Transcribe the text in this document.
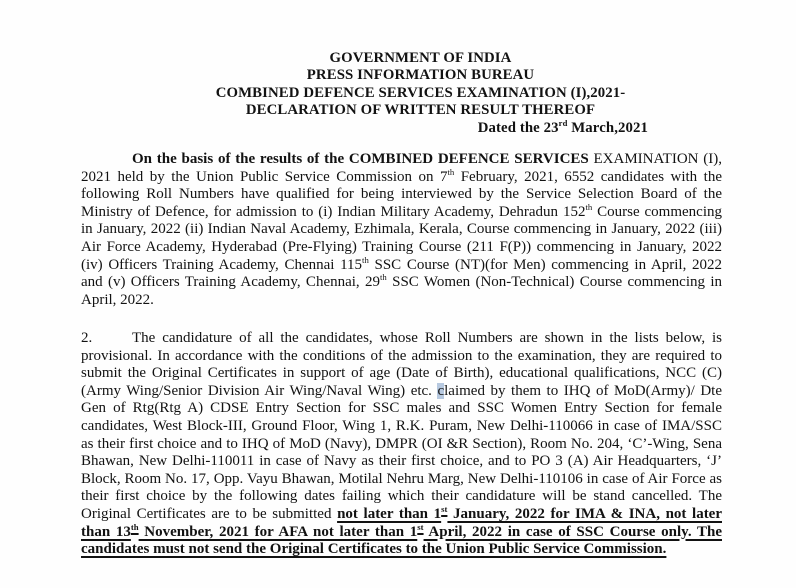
GOVERNMENT OF INDIA
PRESS INFORMATION BUREAU
COMBINED DEFENCE SERVICES EXAMINATION (I),2021-
DECLARATION OF WRITTEN RESULT THEREOF
Dated the 23rd March,2021
On the basis of the results of the COMBINED DEFENCE SERVICES EXAMINATION (I), 2021 held by the Union Public Service Commission on 7th February, 2021, 6552 candidates with the following Roll Numbers have qualified for being interviewed by the Service Selection Board of the Ministry of Defence, for admission to (i) Indian Military Academy, Dehradun 152th Course commencing in January, 2022 (ii) Indian Naval Academy, Ezhimala, Kerala, Course commencing in January, 2022 (iii) Air Force Academy, Hyderabad (Pre-Flying) Training Course (211 F(P)) commencing in January, 2022 (iv) Officers Training Academy, Chennai 115th SSC Course (NT)(for Men) commencing in April, 2022 and (v) Officers Training Academy, Chennai, 29th SSC Women (Non-Technical) Course commencing in April, 2022.
2.	The candidature of all the candidates, whose Roll Numbers are shown in the lists below, is provisional. In accordance with the conditions of the admission to the examination, they are required to submit the Original Certificates in support of age (Date of Birth), educational qualifications, NCC (C) (Army Wing/Senior Division Air Wing/Naval Wing) etc. claimed by them to IHQ of MoD(Army)/ Dte Gen of Rtg(Rtg A) CDSE Entry Section for SSC males and SSC Women Entry Section for female candidates, West Block-III, Ground Floor, Wing 1, R.K. Puram, New Delhi-110066 in case of IMA/SSC as their first choice and to IHQ of MoD (Navy), DMPR (OI &R Section), Room No. 204, ‘C’-Wing, Sena Bhawan, New Delhi-110011 in case of Navy as their first choice, and to PO 3 (A) Air Headquarters, ‘J’ Block, Room No. 17, Opp. Vayu Bhawan, Motilal Nehru Marg, New Delhi-110106 in case of Air Force as their first choice by the following dates failing which their candidature will be stand cancelled. The Original Certificates are to be submitted not later than 1st January, 2022 for IMA & INA, not later than 13th November, 2021 for AFA not later than 1st April, 2022 in case of SSC Course only. The candidates must not send the Original Certificates to the Union Public Service Commission.
